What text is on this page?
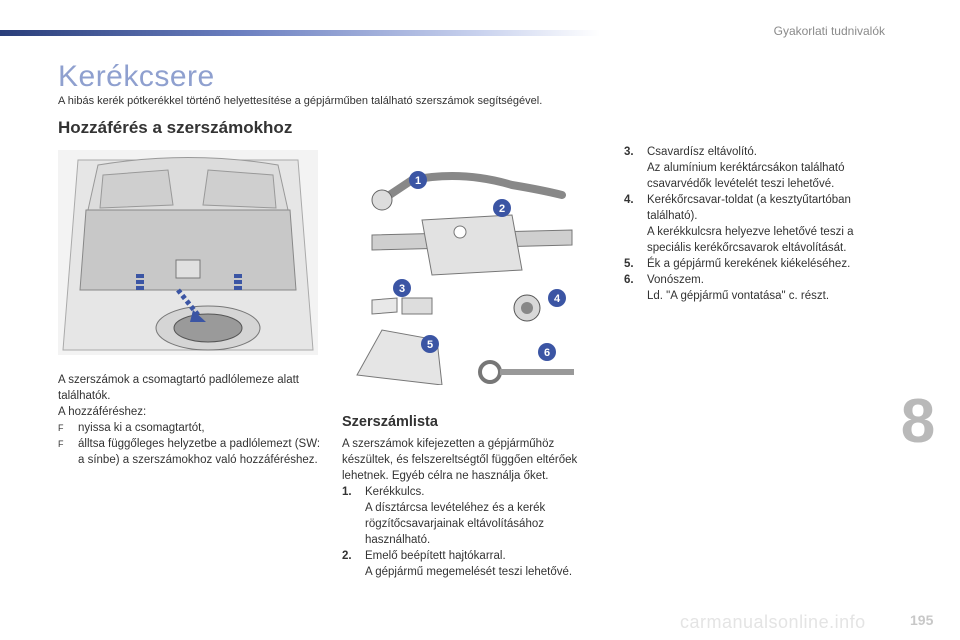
Gyakorlati tudnivalók
Kerékcsere
A hibás kerék pótkerékkel történő helyettesítése a gépjárműben található szerszámok segítségével.
Hozzáférés a szerszámokhoz
1
2
3
4
5
6
A szerszámok a csomagtartó padlólemeze alatt találhatók.
A hozzáféréshez:
F	nyissa ki a csomagtartót,
F	álltsa függőleges helyzetbe a padlólemezt (SW: a sínbe) a szerszámokhoz való hozzáféréshez.
Szerszámlista
A szerszámok kifejezetten a gépjárműhöz készültek, és felszereltségtől függően eltérőek lehetnek. Egyéb célra ne használja őket.
1.	Kerékkulcs.
A dísztárcsa levételéhez és a kerék rögzítőcsavarjainak eltávolításához használható.
2.	Emelő beépített hajtókarral.
A gépjármű megemelését teszi lehetővé.
3.	Csavardísz eltávolító.
Az alumínium keréktárcsákon található csavarvédők levételét teszi lehetővé.
4.	Kerékőrcsavar-toldat (a kesztyűtartóban található).
A kerékkulcsra helyezve lehetővé teszi a speciális kerékőrcsavarok eltávolítását.
5.	Ék a gépjármű kerekének kiékeléséhez.
6.	Vonószem.
Ld. "A gépjármű vontatása" c. részt.
8
carmanualsonline.info	195
